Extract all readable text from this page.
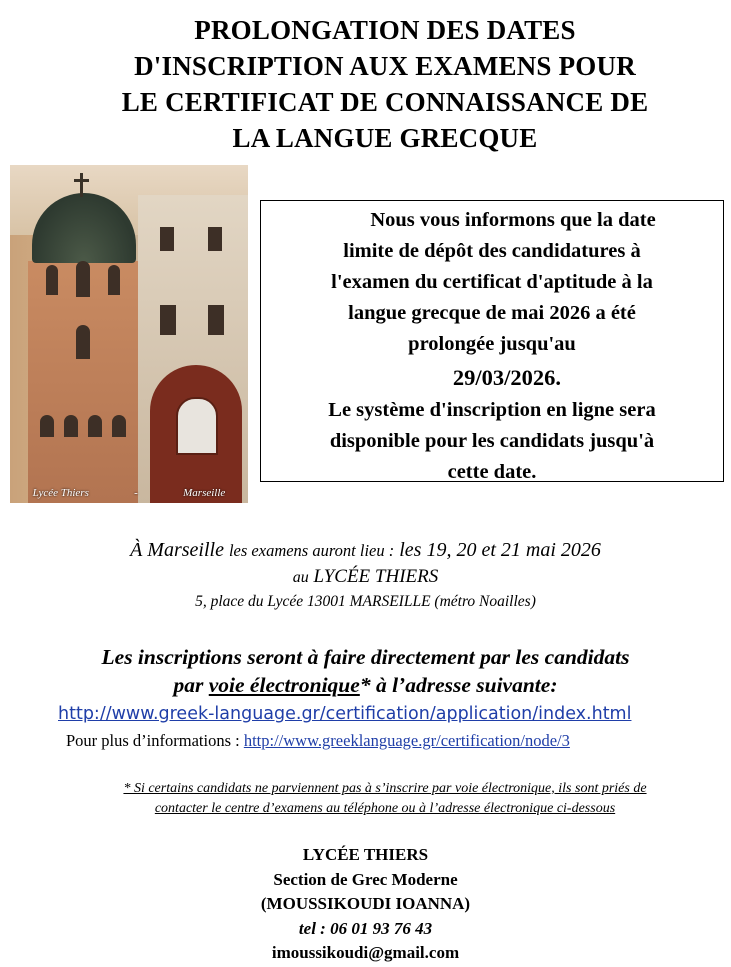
PROLONGATION DES DATES
D'INSCRIPTION AUX EXAMENS POUR
LE CERTIFICAT DE CONNAISSANCE DE
LA LANGUE GRECQUE
Lycée Thiers	-	Marseille
Nous vous informons que la date
limite de dépôt des candidatures à
l'examen du certificat d'aptitude à la
langue grecque de mai 2026 a été
prolongée jusqu'au
29/03/2026.
Le système d'inscription en ligne sera
disponible pour les candidats jusqu'à
cette date.
À Marseille les examens auront lieu : les 19, 20 et 21 mai 2026
au LYCÉE THIERS
5, place du Lycée 13001 MARSEILLE (métro Noailles)
Les inscriptions seront à faire directement par les candidats
par voie électronique* à l’adresse suivante:
http://www.greek-language.gr/certification/application/index.html
Pour plus d’informations : http://www.greeklanguage.gr/certification/node/3
* Si certains candidats ne parviennent pas à s’inscrire par voie électronique, ils sont priés de
contacter le centre d’examens au téléphone ou à l’adresse électronique ci-dessous
LYCÉE THIERS
Section de Grec Moderne
(MOUSSIKOUDI IOANNA)
tel : 06 01 93 76 43
imoussikoudi@gmail.com
